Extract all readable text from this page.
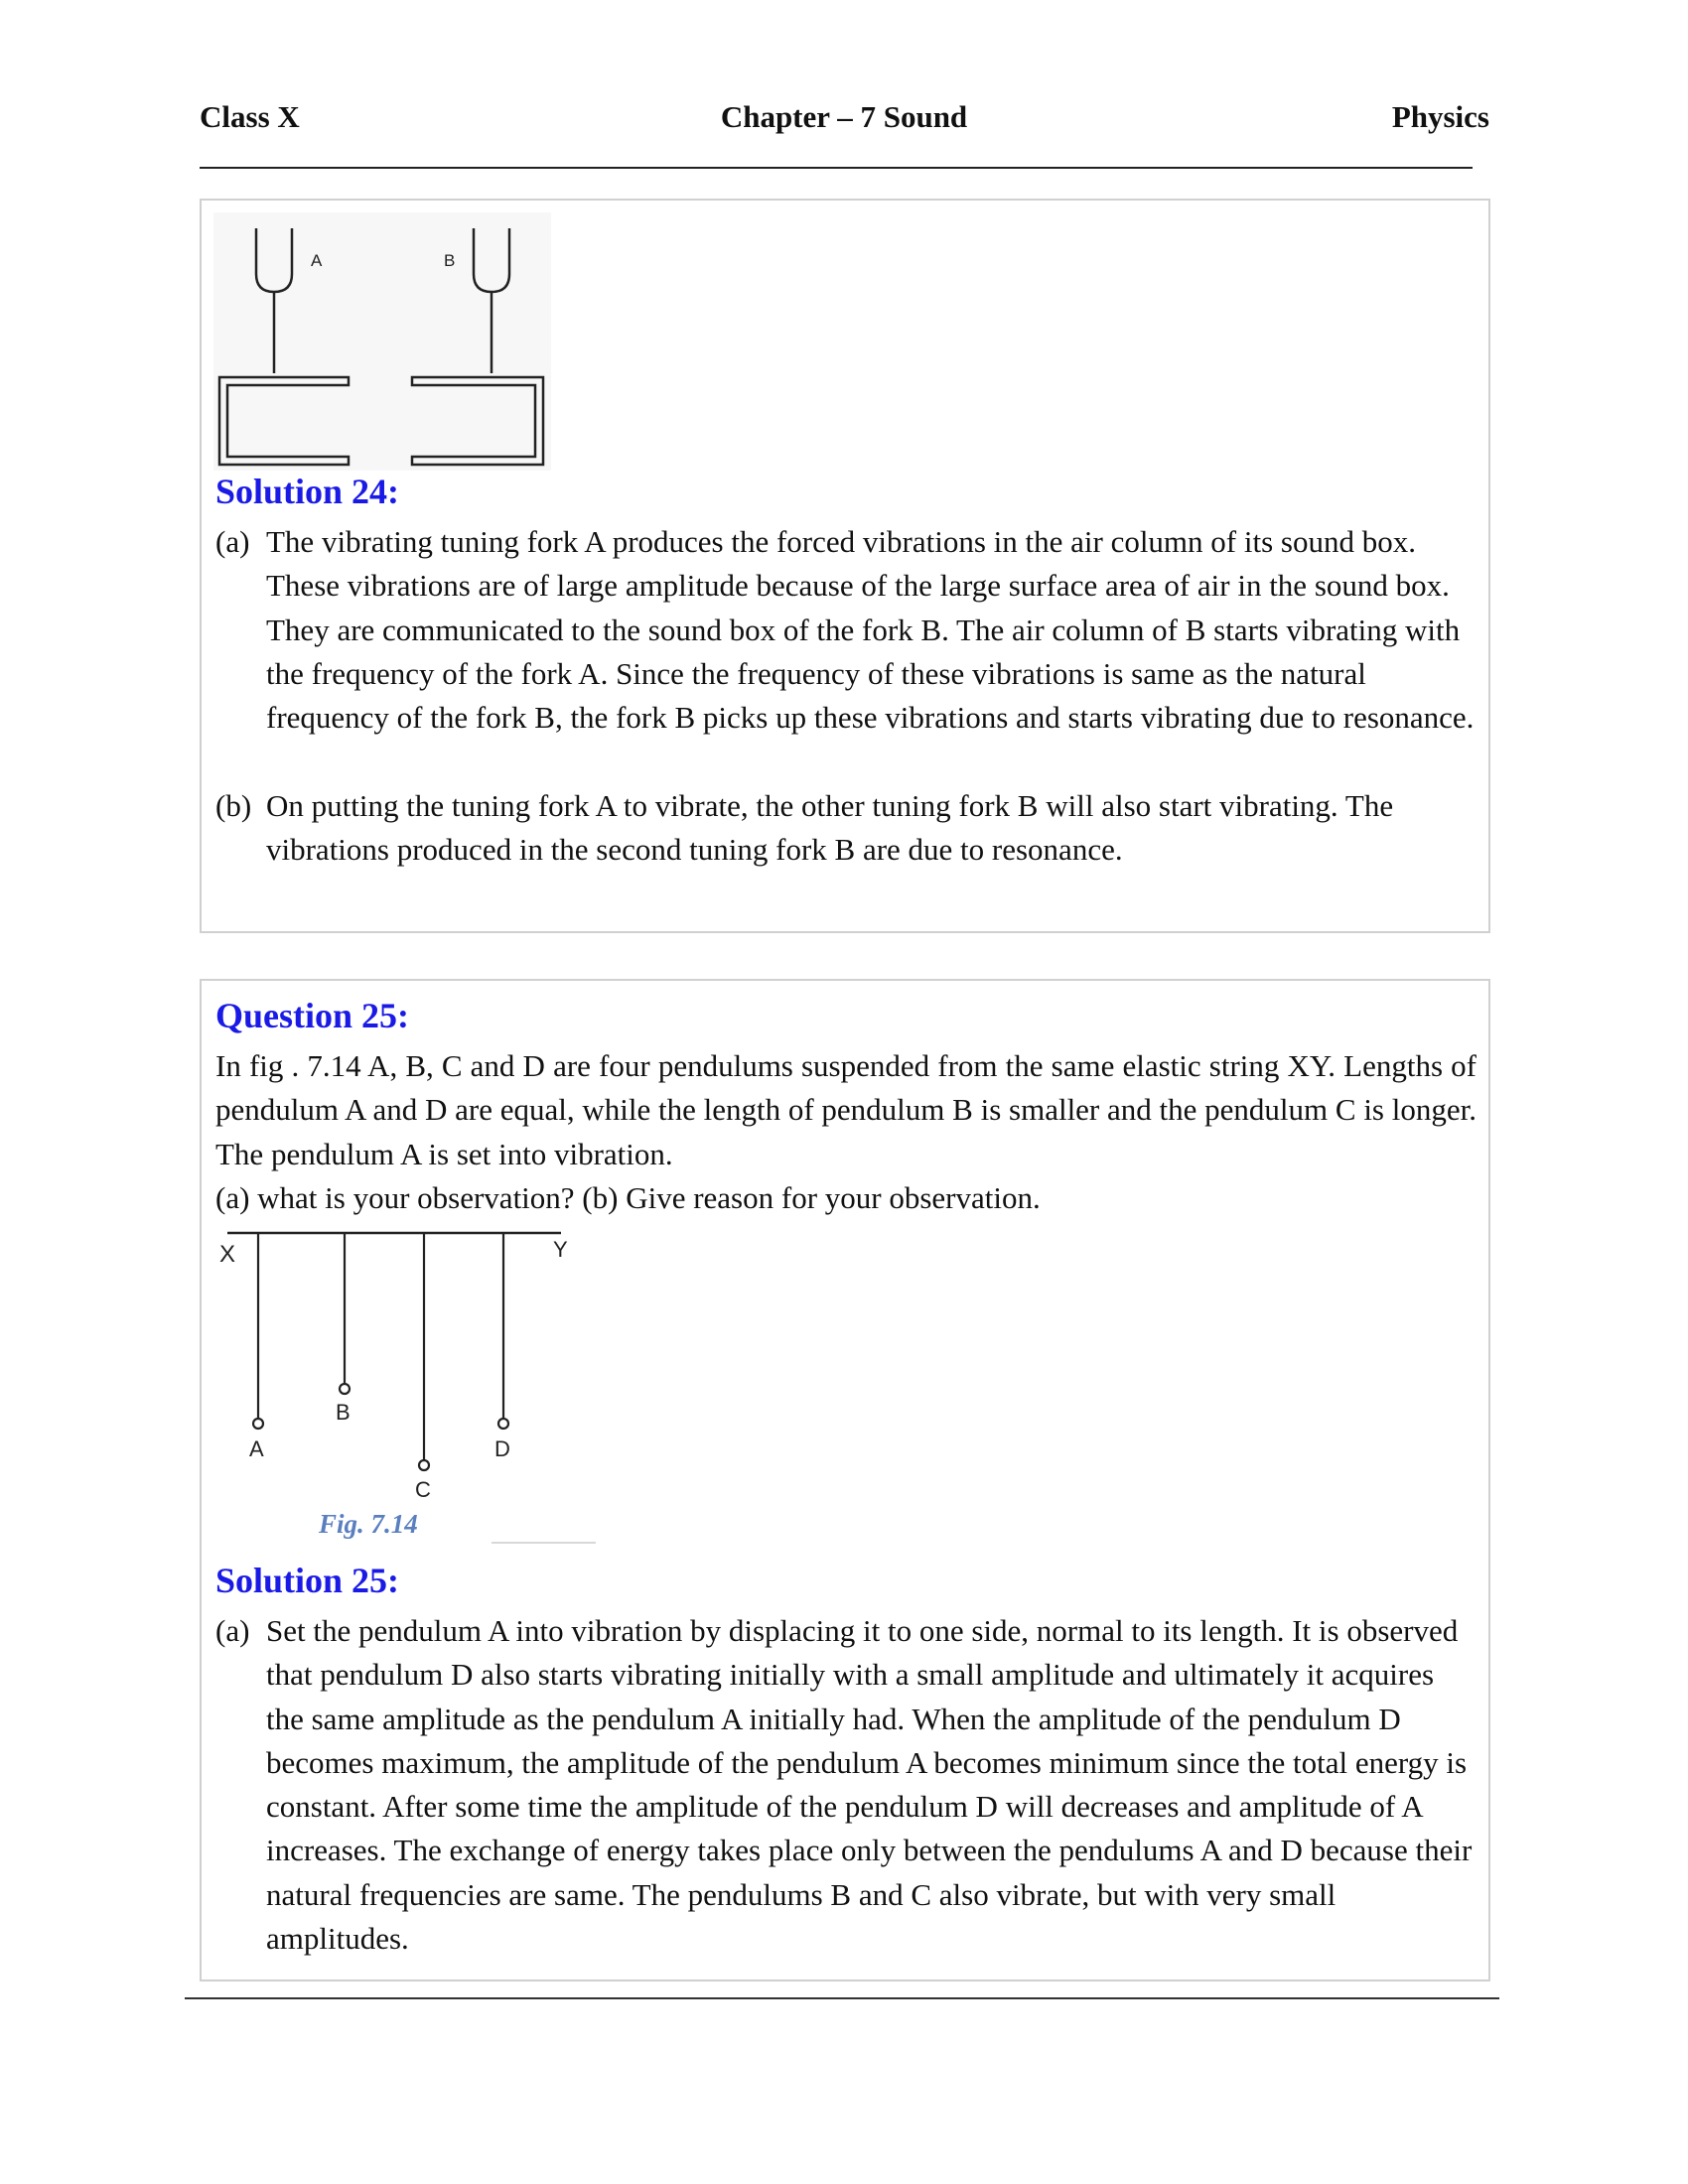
Class X	Chapter – 7 Sound	Physics
A	B
Solution 24:
(a) The vibrating tuning fork A produces the forced vibrations in the air column of its sound box. These vibrations are of large amplitude because of the large surface area of air in the sound box. They are communicated to the sound box of the fork B. The air column of B starts vibrating with the frequency of the fork A. Since the frequency of these vibrations is same as the natural frequency of the fork B, the fork B picks up these vibrations and starts vibrating due to resonance.
(b) On putting the tuning fork A to vibrate, the other tuning fork B will also start vibrating. The vibrations produced in the second tuning fork B are due to resonance.
Question 25:
In fig . 7.14 A, B, C and D are four pendulums suspended from the same elastic string XY. Lengths of pendulum A and D are equal, while the length of pendulum B is smaller and the pendulum C is longer. The pendulum A is set into vibration.
(a) what is your observation? (b) Give reason for your observation.
X	Y
A
B
C
D
Fig. 7.14
Solution 25:
(a) Set the pendulum A into vibration by displacing it to one side, normal to its length. It is observed that pendulum D also starts vibrating initially with a small amplitude and ultimately it acquires the same amplitude as the pendulum A initially had. When the amplitude of the pendulum D becomes maximum, the amplitude of the pendulum A becomes minimum since the total energy is constant. After some time the amplitude of the pendulum D will decreases and amplitude of A increases. The exchange of energy takes place only between the pendulums A and D because their natural frequencies are same. The pendulums B and C also vibrate, but with very small amplitudes.
